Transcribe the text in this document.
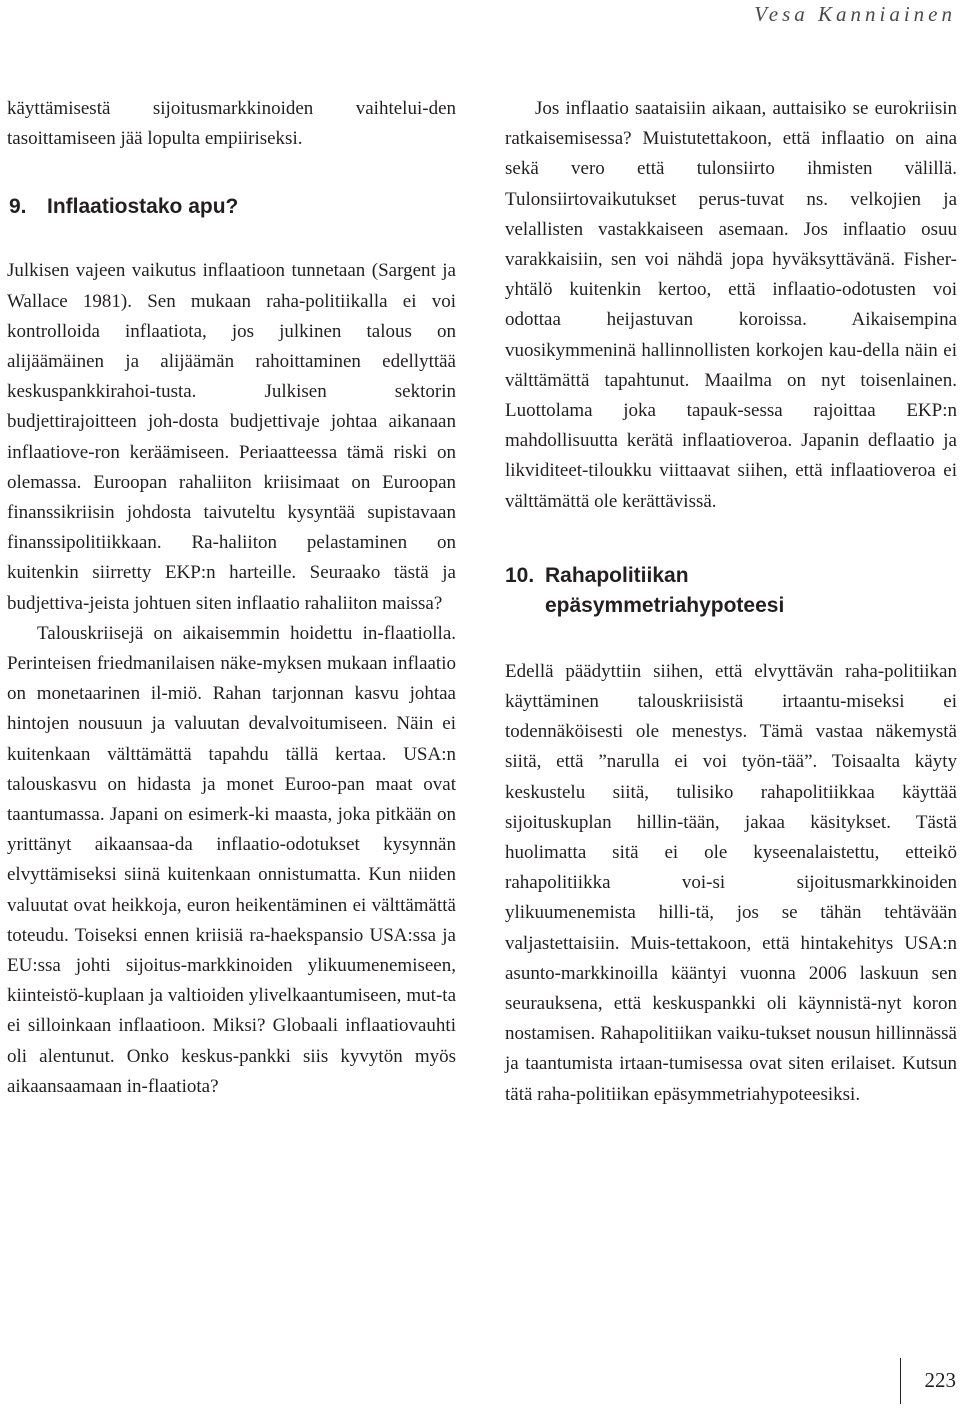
Vesa Kanniainen

käyttämisestä sijoitusmarkkinoiden vaihtelui-den tasoittamiseen jää lopulta empiiriseksi.

9. Inflaatiostako apu?

Julkisen vajeen vaikutus inflaatioon tunnetaan (Sargent ja Wallace 1981). Sen mukaan raha-politiikalla ei voi kontrolloida inflaatiota, jos julkinen talous on alijäämäinen ja alijäämän rahoittaminen edellyttää keskuspankkirahoi-tusta. Julkisen sektorin budjettirajoitteen joh-dosta budjettivaje johtaa aikanaan inflaatiove-ron keräämiseen. Periaatteessa tämä riski on olemassa. Euroopan rahaliiton kriisimaat on Euroopan finanssikriisin johdosta taivuteltu kysyntää supistavaan finanssipolitiikkaan. Ra-haliiton pelastaminen on kuitenkin siirretty EKP:n harteille. Seuraako tästä ja budjettiva-jeista johtuen siten inflaatio rahaliiton maissa?

Talouskriisejä on aikaisemmin hoidettu in-flaatiolla. Perinteisen friedmanilaisen näke-myksen mukaan inflaatio on monetaarinen il-miö. Rahan tarjonnan kasvu johtaa hintojen nousuun ja valuutan devalvoitumiseen. Näin ei kuitenkaan välttämättä tapahdu tällä kertaa. USA:n talouskasvu on hidasta ja monet Euroo-pan maat ovat taantumassa. Japani on esimerk-ki maasta, joka pitkään on yrittänyt aikaansaa-da inflaatio-odotukset kysynnän elvyttämiseksi siinä kuitenkaan onnistumatta. Kun niiden valuutat ovat heikkoja, euron heikentäminen ei välttämättä toteudu. Toiseksi ennen kriisiä ra-haekspansio USA:ssa ja EU:ssa johti sijoitus-markkinoiden ylikuumenemiseen, kiinteistö-kuplaan ja valtioiden ylivelkaantumiseen, mut-ta ei silloinkaan inflaatioon. Miksi? Globaali inflaatiovauhti oli alentunut. Onko keskus-pankki siis kyvytön myös aikaansaamaan in-flaatiota?

Jos inflaatio saataisiin aikaan, auttaisiko se eurokriisin ratkaisemisessa? Muistutettakoon, että inflaatio on aina sekä vero että tulonsiirto ihmisten välillä. Tulonsiirtovaikutukset perus-tuvat ns. velkojien ja velallisten vastakkaiseen asemaan. Jos inflaatio osuu varakkaisiin, sen voi nähdä jopa hyväksyttävänä. Fisher-yhtälö kuitenkin kertoo, että inflaatio-odotusten voi odottaa heijastuvan koroissa. Aikaisempina vuosikymmeninä hallinnollisten korkojen kau-della näin ei välttämättä tapahtunut. Maailma on nyt toisenlainen. Luottolama joka tapauk-sessa rajoittaa EKP:n mahdollisuutta kerätä inflaatioveroa. Japanin deflaatio ja likviditeet-tiloukku viittaavat siihen, että inflaatioveroa ei välttämättä ole kerättävissä.

10. Rahapolitiikan
epäsymmetriahypoteesi

Edellä päädyttiin siihen, että elvyttävän raha-politiikan käyttäminen talouskriisistä irtaantu-miseksi ei todennäköisesti ole menestys. Tämä vastaa näkemystä siitä, että ”narulla ei voi työn-tää”. Toisaalta käyty keskustelu siitä, tulisiko rahapolitiikkaa käyttää sijoituskuplan hillin-tään, jakaa käsitykset. Tästä huolimatta sitä ei ole kyseenalaistettu, etteikö rahapolitiikka voi-si sijoitusmarkkinoiden ylikuumenemista hilli-tä, jos se tähän tehtävään valjastettaisiin. Muis-tettakoon, että hintakehitys USA:n asunto-markkinoilla kääntyi vuonna 2006 laskuun sen seurauksena, että keskuspankki oli käynnistä-nyt koron nostamisen. Rahapolitiikan vaiku-tukset nousun hillinnässä ja taantumista irtaan-tumisessa ovat siten erilaiset. Kutsun tätä raha-politiikan epäsymmetriahypoteesiksi.

223
